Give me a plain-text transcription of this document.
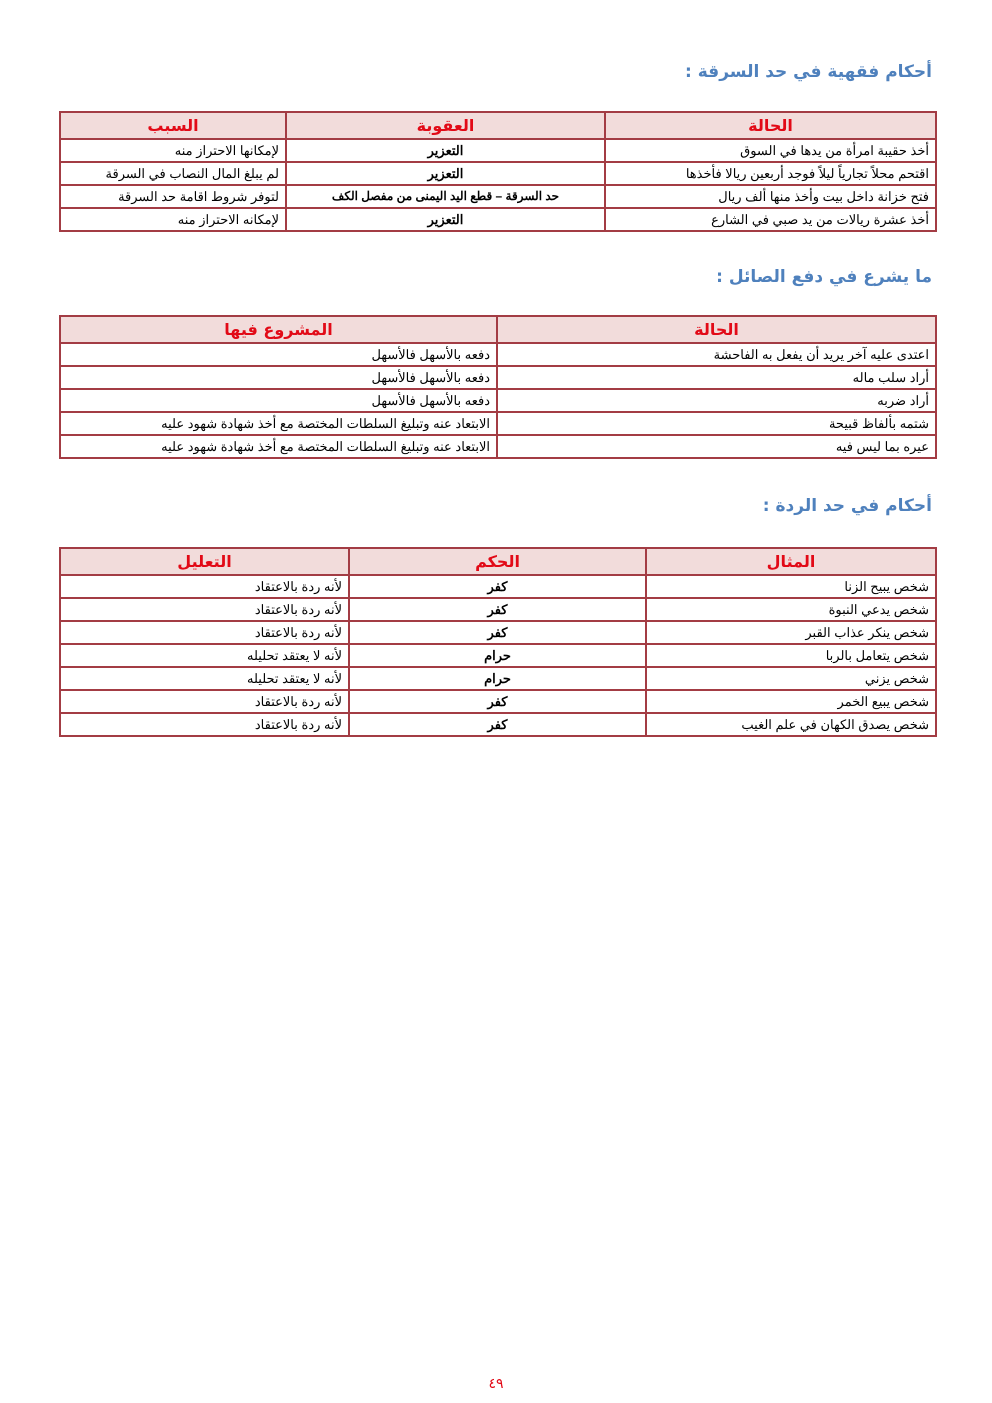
أحكام فقهية في حد السرقة :
الحالة	العقوبة	السبب
أخذ حقيبة امرأة من يدها في السوق	التعزير	لإمكانها الاحتراز منه
اقتحم محلاً تجارياً ليلاً فوجد أربعين ريالا فأخذها	التعزير	لم يبلغ المال النصاب في السرقة
فتح خزانة داخل بيت وأخذ منها ألف ريال	حد السرقة – قطع اليد اليمنى من مفصل الكف	لتوفر شروط اقامة حد السرقة
أخذ عشرة ريالات من يد صبي في الشارع	التعزير	لإمكانه الاحتراز منه
ما يشرع في دفع الصائل :
الحالة	المشروع فيها
اعتدى عليه آخر يريد أن يفعل به الفاحشة	دفعه بالأسهل فالأسهل
أراد سلب ماله	دفعه بالأسهل فالأسهل
أراد ضربه	دفعه بالأسهل فالأسهل
شتمه بألفاظ قبيحة	الابتعاد عنه وتبليغ السلطات المختصة مع أخذ شهادة شهود عليه
عيره بما ليس فيه	الابتعاد عنه وتبليغ السلطات المختصة مع أخذ شهادة شهود عليه
أحكام في حد الردة :
المثال	الحكم	التعليل
شخص يبيح الزنا	كفر	لأنه ردة بالاعتقاد
شخص يدعي النبوة	كفر	لأنه ردة بالاعتقاد
شخص ينكر عذاب القبر	كفر	لأنه ردة بالاعتقاد
شخص يتعامل بالربا	حرام	لأنه لا يعتقد تحليله
شخص يزني	حرام	لأنه لا يعتقد تحليله
شخص يبيع الخمر	كفر	لأنه ردة بالاعتقاد
شخص يصدق الكهان في علم الغيب	كفر	لأنه ردة بالاعتقاد
٤٩
